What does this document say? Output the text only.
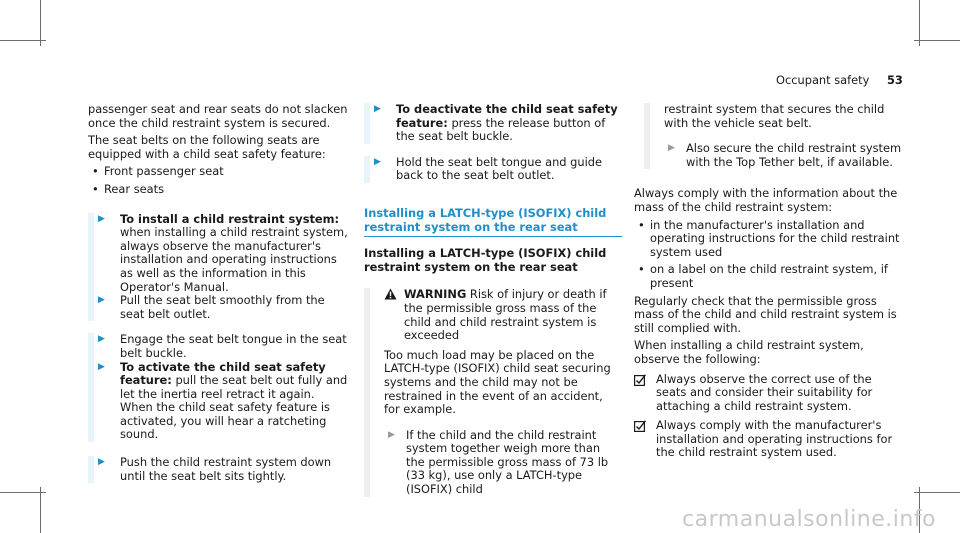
Occupant safety 53

passenger seat and rear seats do not slacken once the child restraint system is secured.

The seat belts on the following seats are equipped with a child seat safety feature:

• Front passenger seat
• Rear seats
▶ To install a child restraint system: when installing a child restraint system, always observe the manufacturer's installation and operating instructions as well as the information in this Operator's Manual.
▶ Pull the seat belt smoothly from the seat belt outlet.
▶ Engage the seat belt tongue in the seat belt buckle.
▶ To activate the child seat safety feature: pull the seat belt out fully and let the inertia reel retract it again.
When the child seat safety feature is activated, you will hear a ratcheting sound.
▶ Push the child restraint system down until the seat belt sits tightly.
▶ To deactivate the child seat safety feature: press the release button of the seat belt buckle.
▶ Hold the seat belt tongue and guide back to the seat belt outlet.

Installing a LATCH-type (ISOFIX) child restraint system on the rear seat

Installing a LATCH-type (ISOFIX) child restraint system on the rear seat

WARNING Risk of injury or death if the permissible gross mass of the child and child restraint system is exceeded

Too much load may be placed on the LATCH-type (ISOFIX) child seat securing systems and the child may not be restrained in the event of an accident, for example.

▶ If the child and the child restraint system together weigh more than the permissible gross mass of 73 lb (33 kg), use only a LATCH-type (ISOFIX) child

restraint system that secures the child with the vehicle seat belt.

▶ Also secure the child restraint system with the Top Tether belt, if available.

Always comply with the information about the mass of the child restraint system:

• in the manufacturer's installation and operating instructions for the child restraint system used
• on a label on the child restraint system, if present

Regularly check that the permissible gross mass of the child and child restraint system is still complied with.

When installing a child restraint system, observe the following:

Always observe the correct use of the seats and consider their suitability for attaching a child restraint system.
Always comply with the manufacturer's installation and operating instructions for the child restraint system used.
carmanualsonline.info
